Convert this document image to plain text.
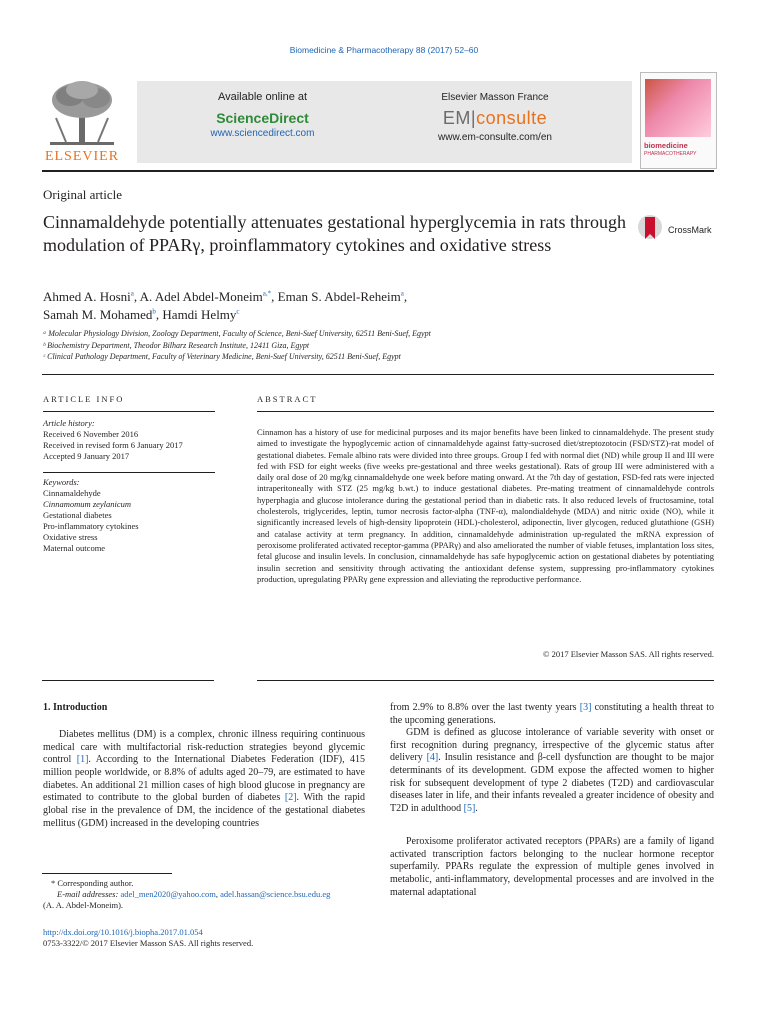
Biomedicine & Pharmacotherapy 88 (2017) 52–60
ELSEVIER
Available online at
ScienceDirect
www.sciencedirect.com
Elsevier Masson France
EM|consulte
www.em-consulte.com/en
biomedicine
PHARMACOTHERAPY
Original article
Cinnamaldehyde potentially attenuates gestational hyperglycemia in rats through modulation of PPARγ, proinflammatory cytokines and oxidative stress
CrossMark
Ahmed A. Hosni$^a$, A. Adel Abdel-Moneim$^{a,*}$, Eman S. Abdel-Reheim$^a$,
Samah M. Mohamed$^b$, Hamdi Helmy$^c$
ᵃ Molecular Physiology Division, Zoology Department, Faculty of Science, Beni-Suef University, 62511 Beni-Suef, Egypt
ᵇ Biochemistry Department, Theodor Bilharz Research Institute, 12411 Giza, Egypt
ᶜ Clinical Pathology Department, Faculty of Veterinary Medicine, Beni-Suef University, 62511 Beni-Suef, Egypt
ARTICLE INFO
Article history:
Received 6 November 2016
Received in revised form 6 January 2017
Accepted 9 January 2017
Keywords:
Cinnamaldehyde
Cinnamomum zeylanicum
Gestational diabetes
Pro-inflammatory cytokines
Oxidative stress
Maternal outcome
ABSTRACT
Cinnamon has a history of use for medicinal purposes and its major benefits have been linked to cinnamaldehyde. The present study aimed to investigate the hypoglycemic action of cinnamaldehyde against fatty-sucrosed diet/streptozotocin (FSD/STZ)-rat model of gestational diabetes. Female albino rats were divided into three groups. Group I fed with normal diet (ND) while group II and III were fed with FSD for eight weeks (five weeks pre-gestational and three weeks gestational). Rats of group III were administered with a daily oral dose of 20 mg/kg cinnamaldehyde one week before mating onward. At the 7th day of gestation, FSD-fed rats were injected intraperitoneally with STZ (25 mg/kg b.wt.) to induce gestational diabetes. Pre-mating treatment of cinnamaldehyde controls hyperphagia and glucose intolerance during the gestational period than in diabetic rats. It also reduced levels of fructosamine, total cholesterols, triglycerides, leptin, tumor necrosis factor-alpha (TNF-α), malondialdehyde (MDA) and nitric oxide (NO), while it significantly increased levels of high-density lipoprotein (HDL)-cholesterol, adiponectin, liver glycogen, reduced glutathione (GSH) and catalase activity at term pregnancy. In addition, cinnamaldehyde administration up-regulated the mRNA expression of peroxisome proliferated activated receptor-gamma (PPARγ) and also ameliorated the number of viable fetuses, implantation loss sites, fetal glucose and insulin levels. In conclusion, cinnamaldehyde has safe hypoglycemic action on gestational diabetes by potentiating insulin secretion and sensitivity through activating the antioxidant defense system, suppressing pro-inflammatory cytokines production, upregulating PPARγ gene expression and alleviating the reproductive performance.
© 2017 Elsevier Masson SAS. All rights reserved.
1. Introduction
Diabetes mellitus (DM) is a complex, chronic illness requiring continuous medical care with multifactorial risk-reduction strategies beyond glycemic control [1]. According to the International Diabetes Federation (IDF), 415 million people worldwide, or 8.8% of adults aged 20–79, are estimated to have diabetes. An additional 21 million cases of high blood glucose in pregnancy are estimated to contribute to the global burden of diabetes [2]. With the rapid global rise in the prevalence of DM, the incidence of the gestational diabetes mellitus (GDM) increased in the developing countries
from 2.9% to 8.8% over the last twenty years [3] constituting a health threat to the upcoming generations.
GDM is defined as glucose intolerance of variable severity with onset or first recognition during pregnancy, irrespective of the glycemic status after delivery [4]. Insulin resistance and β-cell dysfunction are thought to be major determinants of its development. GDM expose the affected women to higher risk for subsequent development of type 2 diabetes (T2D) and cardiovascular diseases later in life, and their infants revealed a greater incidence of obesity and T2D in adulthood [5].
Peroxisome proliferator activated receptors (PPARs) are a family of ligand activated transcription factors belonging to the nuclear hormone receptor superfamily. PPARs regulate the expression of multiple genes involved in metabolic, anti-inflammatory, developmental processes and are involved in the maternal adaptational
* Corresponding author.
E-mail addresses: adel_men2020@yahoo.com, adel.hassan@science.bsu.edu.eg
(A. A. Abdel-Moneim).
http://dx.doi.org/10.1016/j.biopha.2017.01.054
0753-3322/© 2017 Elsevier Masson SAS. All rights reserved.
